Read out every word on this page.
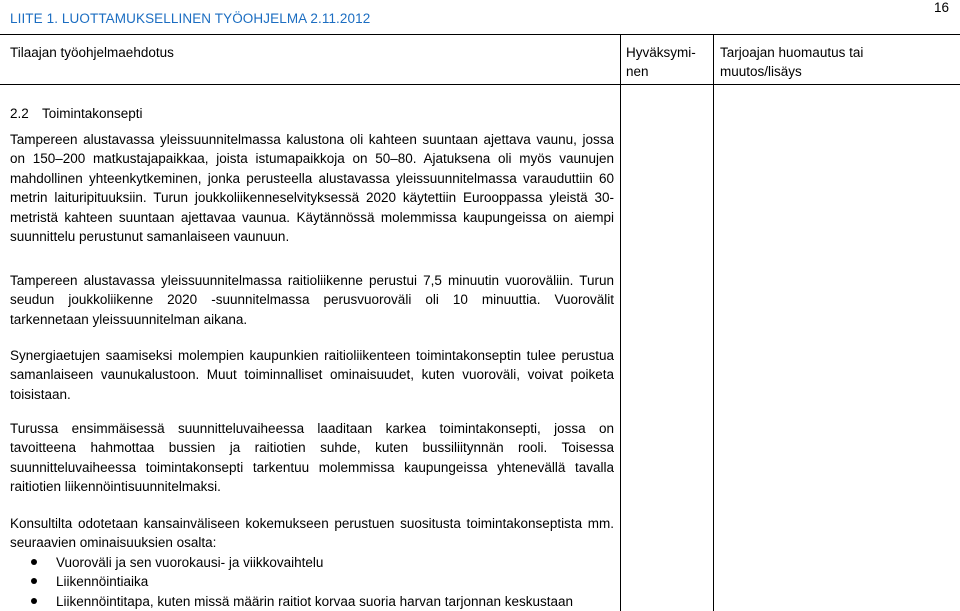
LIITE 1. LUOTTAMUKSELLINEN TYÖOHJELMA 2.11.2012
16
Tilaajan työohjelmaehdotus	Hyväksymi-
nen
Tarjoajan huomautus tai
muutos/lisäys
2.2 Toimintakonsepti
Tampereen alustavassa yleissuunnitelmassa kalustona oli kahteen suuntaan ajettava vaunu, jossa on 150–200 matkustajapaikkaa, joista istumapaikkoja on 50–80. Ajatuksena oli myös vaunujen mahdollinen yhteenkytkeminen, jonka perusteella alustavassa yleissuunnitelmassa varauduttiin 60 metrin laituripituuksiin. Turun joukkoliikenneselvityksessä 2020 käytettiin Eurooppassa yleistä 30-metristä kahteen suuntaan ajettavaa vaunua. Käytännössä molemmissa kaupungeissa on aiempi suunnittelu perustunut samanlaiseen vaunuun.
Tampereen alustavassa yleissuunnitelmassa raitioliikenne perustui 7,5 minuutin vuoroväliin. Turun seudun joukkoliikenne 2020 -suunnitelmassa perusvuoroväli oli 10 minuuttia. Vuorovälit tarkennetaan yleissuunnitelman aikana.
Synergiaetujen saamiseksi molempien kaupunkien raitioliikenteen toimintakonseptin tulee perustua samanlaiseen vaunukalustoon. Muut toiminnalliset ominaisuudet, kuten vuoroväli, voivat poiketa toisistaan.
Turussa ensimmäisessä suunnitteluvaiheessa laaditaan karkea toimintakonsepti, jossa on tavoitteena hahmottaa bussien ja raitiotien suhde, kuten bussiliitynnän rooli. Toisessa suunnitteluvaiheessa toimintakonsepti tarkentuu molemmissa kaupungeissa yhtenevällä tavalla raitiotien liikennöintisuunnitelmaksi.
Konsultilta odotetaan kansainväliseen kokemukseen perustuen suositusta toimintakonseptista mm. seuraavien ominaisuuksien osalta:
Vuoroväli ja sen vuorokausi- ja viikkovaihtelu
Liikennöintiaika
Liikennöintitapa, kuten missä määrin raitiot korvaa suoria harvan tarjonnan keskustaan
